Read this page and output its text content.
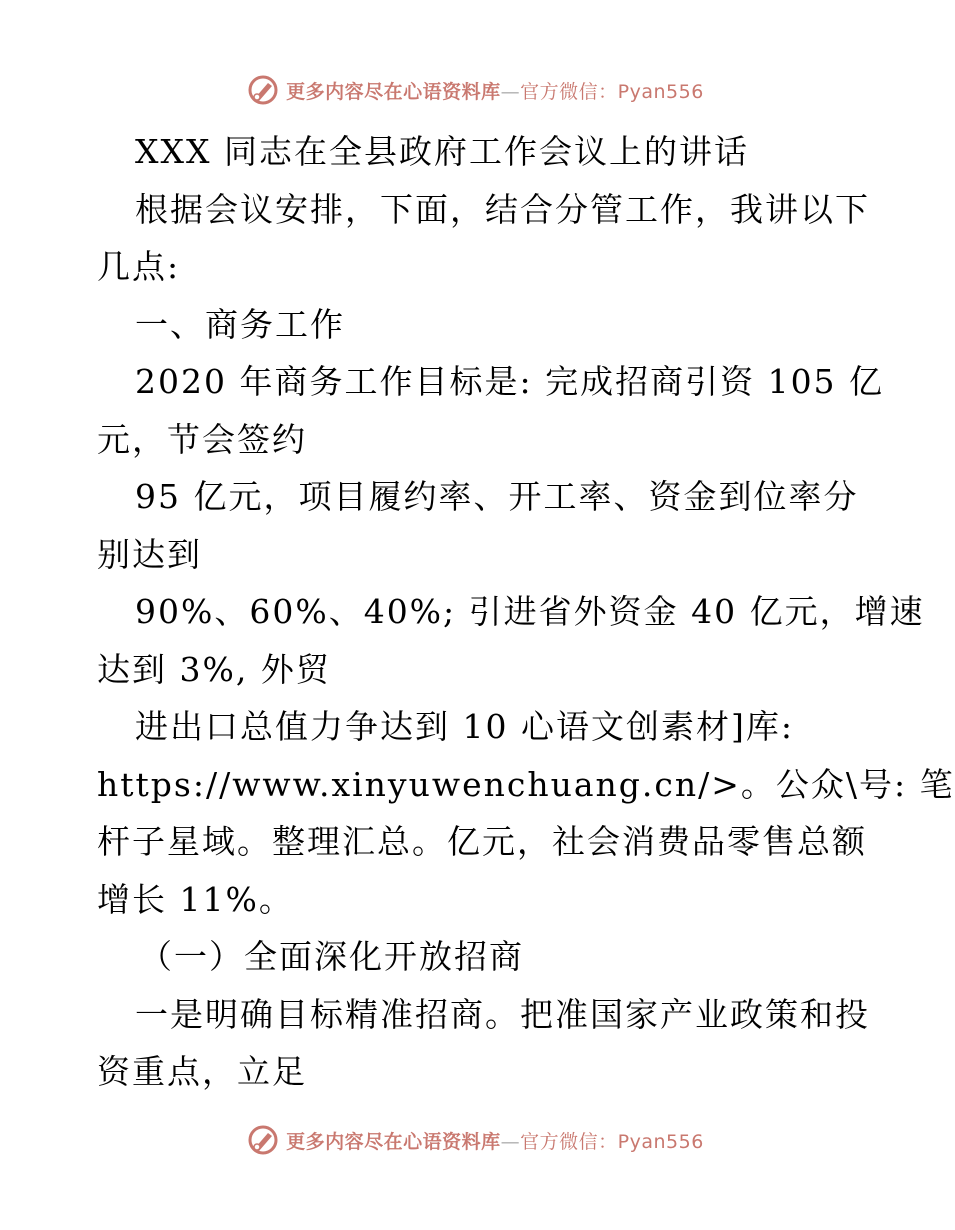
更多内容尽在心语资料库—官方微信：Pyan556
XXX 同志在全县政府工作会议上的讲话
根据会议安排，下面，结合分管工作，我讲以下
几点:
一、商务工作
2020 年商务工作目标是: 完成招商引资 105 亿
元，节会签约
95 亿元，项目履约率、开工率、资金到位率分
别达到
90%、60%、40%; 引进省外资金 40 亿元，增速
达到 3%, 外贸
进出口总值力争达到 10 心语文创素材]库:
https://www.xinyuwenchuang.cn/>。公众\号: 笔
杆子星域。整理汇总。亿元，社会消费品零售总额
增长 11%。
（一）全面深化开放招商
一是明确目标精准招商。把准国家产业政策和投
资重点，立足
更多内容尽在心语资料库—官方微信：Pyan556
